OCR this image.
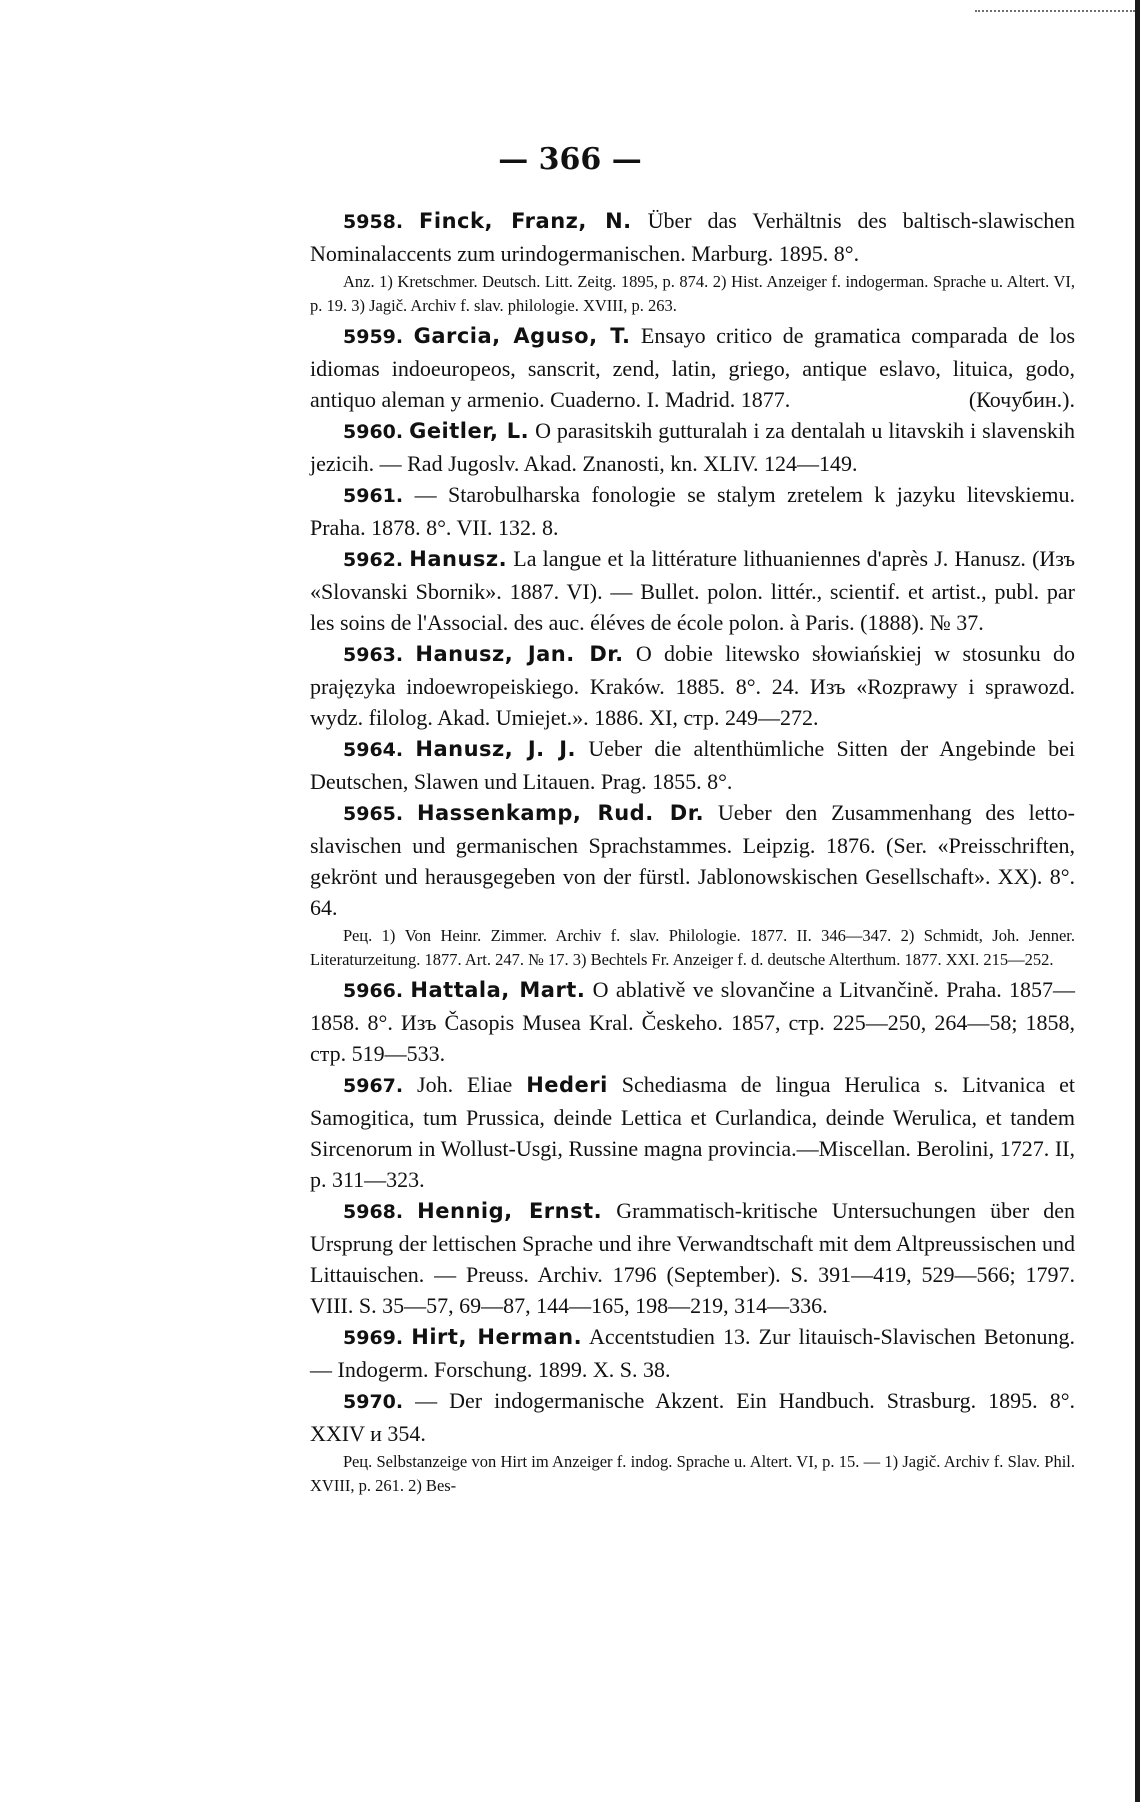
— 366 —

5958. Finck, Franz, N. Über das Verhältnis des baltisch-slawischen Nominalaccents zum urindogermanischen. Marburg. 1895. 8°.

Anz. 1) Kretschmer. Deutsch. Litt. Zeitg. 1895, p. 874. 2) Hist. Anzeiger f. indogerman. Sprache u. Altert. VI, p. 19. 3) Jagič. Archiv f. slav. philologie. XVIII, p. 263.

5959. Garcia, Aguso, T. Ensayo critico de gramatica comparada de los idiomas indoeuropeos, sanscrit, zend, latin, griego, antique eslavo, lituica, godo, antiquo aleman y armenio. Cuaderno. I. Madrid. 1877.	(Кочубин.).

5960. Geitler, L. O parasitskih gutturalah i za dentalah u litavskih i slavenskih jezicih. — Rad Jugoslv. Akad. Znanosti, kn. XLIV. 124—149.

5961. — Starobulharska fonologie se stalym zretelem k jazyku litevskiemu. Praha. 1878. 8°. VII. 132. 8.

5962. Hanusz. La langue et la littérature lithuaniennes d'après J. Hanusz. (Изъ «Slovanski Sbornik». 1887. VI). — Bullet. polon. littér., scientif. et artist., publ. par les soins de l'Associal. des auc. éléves de école polon. à Paris. (1888). № 37.

5963. Hanusz, Jan. Dr. O dobie litewsko słowiańskiej w stosunku do prajęzyka indoewropeiskiego. Kraków. 1885. 8°. 24. Изъ «Rozprawy i sprawozd. wydz. filolog. Akad. Umiejet.». 1886. XI, стр. 249—272.

5964. Hanusz, J. J. Ueber die altenthümliche Sitten der Angebinde bei Deutschen, Slawen und Litauen. Prag. 1855. 8°.

5965. Hassenkamp, Rud. Dr. Ueber den Zusammenhang des letto-slavischen und germanischen Sprachstammes. Leipzig. 1876. (Ser. «Preisschriften, gekrönt und herausgegeben von der fürstl. Jablonowskischen Gesellschaft». XX). 8°. 64.

Рец. 1) Von Heinr. Zimmer. Archiv f. slav. Philologie. 1877. II. 346—347. 2) Schmidt, Joh. Jenner. Literaturzeitung. 1877. Art. 247. № 17. 3) Bechtels Fr. Anzeiger f. d. deutsche Alterthum. 1877. XXI. 215—252.

5966. Hattala, Mart. O ablativě ve slovančine a Litvančině. Praha. 1857—1858. 8°. Изъ Časopis Musea Kral. Českeho. 1857, стр. 225—250, 264—58; 1858, стр. 519—533.

5967. Joh. Eliae Hederi Schediasma de lingua Herulica s. Litvanica et Samogitica, tum Prussica, deinde Lettica et Curlandica, deinde Werulica, et tandem Sircenorum in Wollust-Usgi, Russine magna provincia.—Miscellan. Berolini, 1727. II, p. 311—323.

5968. Hennig, Ernst. Grammatisch-kritische Untersuchungen über den Ursprung der lettischen Sprache und ihre Verwandtschaft mit dem Altpreussischen und Littauischen. — Preuss. Archiv. 1796 (September). S. 391—419, 529—566; 1797. VIII. S. 35—57, 69—87, 144—165, 198—219, 314—336.

5969. Hirt, Herman. Accentstudien 13. Zur litauisch-Slavischen Betonung. — Indogerm. Forschung. 1899. X. S. 38.

5970. — Der indogermanische Akzent. Ein Handbuch. Strasburg. 1895. 8°. XXIV и 354.

Рец. Selbstanzeige von Hirt im Anzeiger f. indog. Sprache u. Altert. VI, p. 15. — 1) Jagič. Archiv f. Slav. Phil. XVIII, p. 261. 2) Bes-
